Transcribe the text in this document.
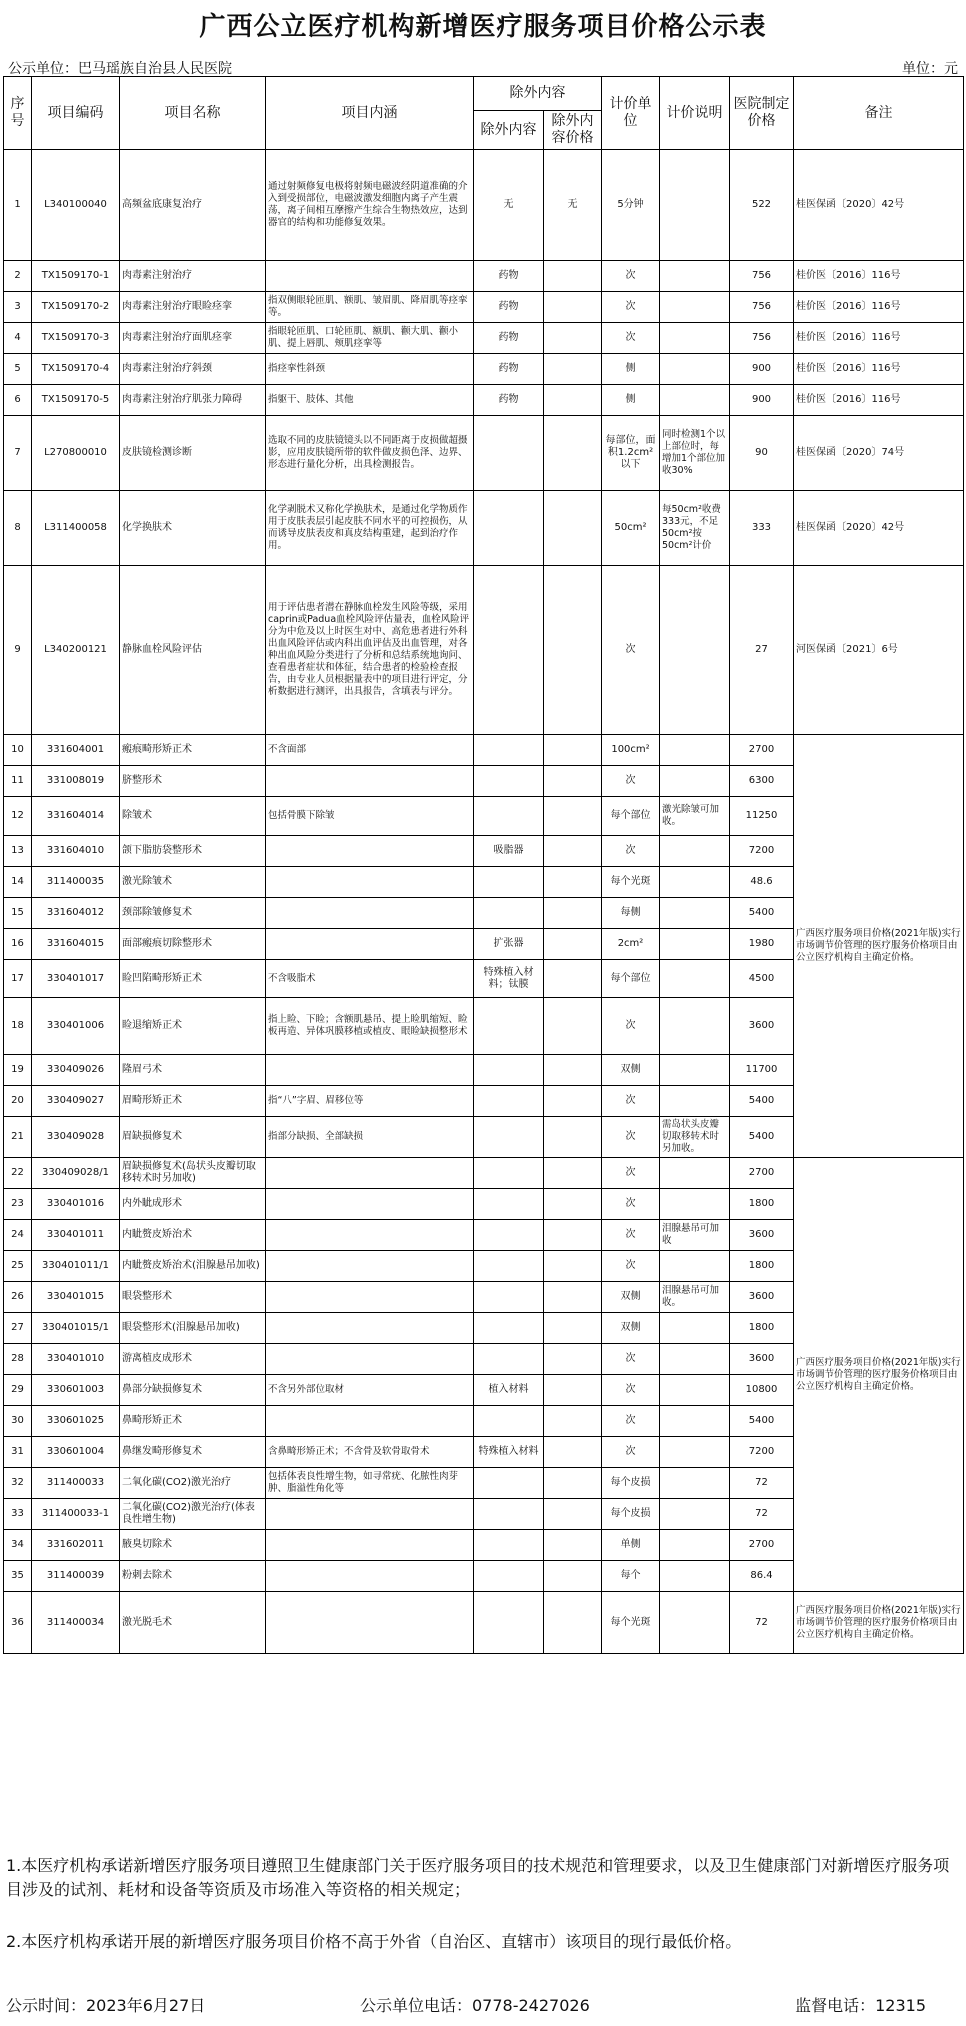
广西公立医疗机构新增医疗服务项目价格公示表
公示单位：巴马瑶族自治县人民医院	单位：元
序号	项目编码	项目名称	项目内涵	除外内容		计价单位	计价说明	医院制定价格	备注
				除外内容	除外内容价格				
1	L340100040	高频盆底康复治疗	通过射频修复电极将射频电磁波经阴道准确的介入到受损部位，电磁波激发细胞内离子产生震荡，离子间相互摩擦产生综合生物热效应，达到器官的结构和功能修复效果。	无	无	5分钟		522	桂医保函〔2020〕42号
2	TX1509170-1	肉毒素注射治疗		药物		次		756	桂价医〔2016〕116号
3	TX1509170-2	肉毒素注射治疗眼睑痉挛	指双侧眼轮匝肌、额肌、皱眉肌、降眉肌等痉挛等。	药物		次		756	桂价医〔2016〕116号
4	TX1509170-3	肉毒素注射治疗面肌痉挛	指眼轮匝肌、口轮匝肌、额肌、颧大肌、颧小肌、提上唇肌、颊肌痉挛等	药物		次		756	桂价医〔2016〕116号
5	TX1509170-4	肉毒素注射治疗斜颈	指痉挛性斜颈	药物		侧		900	桂价医〔2016〕116号
6	TX1509170-5	肉毒素注射治疗肌张力障碍	指躯干、肢体、其他	药物		侧		900	桂价医〔2016〕116号
7	L270800010	皮肤镜检测诊断	选取不同的皮肤镜镜头以不同距离于皮损做超摄影，应用皮肤镜所带的软件做皮损色泽、边界、形态进行量化分析，出具检测报告。			每部位，面积1.2cm²以下	同时检测1个以上部位时，每增加1个部位加收30%	90	桂医保函〔2020〕74号
8	L311400058	化学换肤术	化学剥脱术又称化学换肤术，是通过化学物质作用于皮肤表层引起皮肤不同水平的可控损伤，从而诱导皮肤表皮和真皮结构重建，起到治疗作用。			50cm²	每50cm²收费333元，不足50cm²按50cm²计价	333	桂医保函〔2020〕42号
9	L340200121	静脉血栓风险评估	用于评估患者潜在静脉血栓发生风险等级，采用caprin或Padua血栓风险评估量表，血栓风险评分为中危及以上时医生对中、高危患者进行外科出血风险评估或内科出血评估及出血管理，对各种出血风险分类进行了分析和总结系统地询问、查看患者症状和体征，结合患者的检验检查报告，由专业人员根据量表中的项目进行评定，分析数据进行测评，出具报告，含填表与评分。			次		27	河医保函〔2021〕6号
10	331604001	瘢痕畸形矫正术	不含面部			100cm²		2700	广西医疗服务项目价格(2021年版)实行市场调节价管理的医疗服务价格项目由公立医疗机构自主确定价格。
11	331008019	脐整形术				次		6300	
12	331604014	除皱术	包括骨膜下除皱			每个部位	激光除皱可加收。	11250	
13	331604010	颌下脂肪袋整形术		吸脂器		次		7200	
14	311400035	激光除皱术				每个光斑		48.6	
15	331604012	颈部除皱修复术				每侧		5400	
16	331604015	面部瘢痕切除整形术		扩张器		2cm²		1980	
17	330401017	睑凹陷畸形矫正术	不含吸脂术	特殊植入材料；钛膜		每个部位		4500	
18	330401006	睑退缩矫正术	指上睑、下睑；含额肌悬吊、提上睑肌缩短、睑板再造、异体巩膜移植或植皮、眼睑缺损整形术			次		3600	
19	330409026	隆眉弓术				双侧		11700	
20	330409027	眉畸形矫正术	指“八”字眉、眉移位等			次		5400	
21	330409028	眉缺损修复术	指部分缺损、全部缺损			次	需岛状头皮瓣切取移转术时另加收。	5400	
22	330409028/1	眉缺损修复术(岛状头皮瓣切取移转术时另加收)				次		2700	广西医疗服务项目价格(2021年版)实行市场调节价管理的医疗服务价格项目由公立医疗机构自主确定价格。
23	330401016	内外眦成形术				次		1800	
24	330401011	内眦赘皮矫治术				次	泪腺悬吊可加收	3600	
25	330401011/1	内眦赘皮矫治术(泪腺悬吊加收)				次		1800	
26	330401015	眼袋整形术				双侧	泪腺悬吊可加收。	3600	
27	330401015/1	眼袋整形术(泪腺悬吊加收)				双侧		1800	
28	330401010	游离植皮成形术				次		3600	
29	330601003	鼻部分缺损修复术	不含另外部位取材	植入材料		次		10800	
30	330601025	鼻畸形矫正术				次		5400	
31	330601004	鼻继发畸形修复术	含鼻畸形矫正术；不含骨及软骨取骨术	特殊植入材料		次		7200	
32	311400033	二氧化碳(CO2)激光治疗	包括体表良性增生物，如寻常疣、化脓性肉芽肿、脂溢性角化等			每个皮损		72	
33	311400033-1	二氧化碳(CO2)激光治疗(体表良性增生物)				每个皮损		72	
34	331602011	腋臭切除术				单侧		2700	
35	311400039	粉刺去除术				每个		86.4	
36	311400034	激光脱毛术				每个光斑		72	广西医疗服务项目价格(2021年版)实行市场调节价管理的医疗服务价格项目由公立医疗机构自主确定价格。
1.本医疗机构承诺新增医疗服务项目遵照卫生健康部门关于医疗服务项目的技术规范和管理要求，以及卫生健康部门对新增医疗服务项目涉及的试剂、耗材和设备等资质及市场准入等资格的相关规定；
2.本医疗机构承诺开展的新增医疗服务项目价格不高于外省（自治区、直辖市）该项目的现行最低价格。
公示时间：2023年6月27日	公示单位电话：0778-2427026	监督电话：12315
